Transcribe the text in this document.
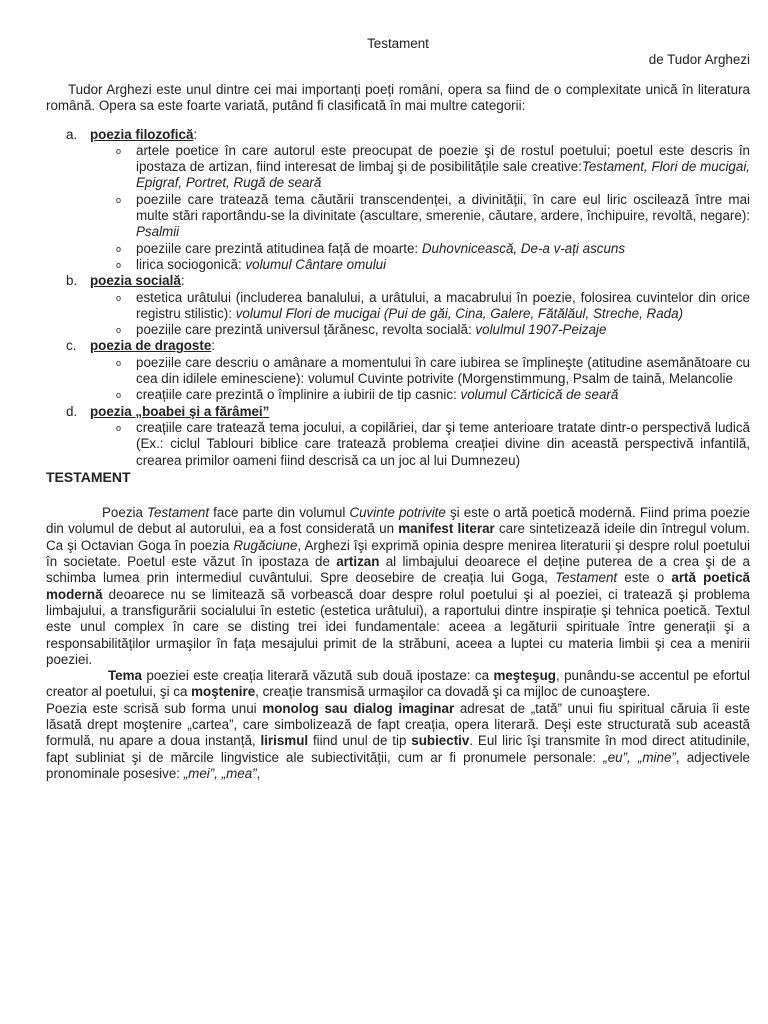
Testament

de Tudor Arghezi

Tudor Arghezi este unul dintre cei mai importanți poeți români, opera sa fiind de o complexitate unică în literatura română. Opera sa este foarte variată, putând fi clasificată în mai multre categorii:

a. poezia filozofică:
o artele poetice în care autorul este preocupat de poezie şi de rostul poetului; poetul este descris în ipostaza de artizan, fiind interesat de limbaj şi de posibilitățile sale creative:Testament, Flori de mucigai, Epigraf, Portret, Rugă de seară
o poeziile care tratează tema căutării transcendenței, a divinității, în care eul liric oscilează între mai multe stări raportându-se la divinitate (ascultare, smerenie, căutare, ardere, închipuire, revoltă, negare): Psalmii
o poeziile care prezintă atitudinea față de moarte: Duhovnicească, De-a v-ați ascuns
o lirica sociogonică: volumul Cântare omului
b. poezia socială:
o estetica urâtului (includerea banalului, a urâtului, a macabrului în poezie, folosirea cuvintelor din orice registru stilistic): volumul Flori de mucigai (Pui de găi, Cina, Galere, Fătălăul, Streche, Rada)
o poeziile care prezintă universul țărănesc, revolta socială: volulmul 1907-Peizaje
c. poezia de dragoste:
o poeziile care descriu o amânare a momentului în care iubirea se împlineşte (atitudine asemănătoare cu cea din idilele eminesciene): volumul Cuvinte potrivite (Morgenstimmung, Psalm de taină, Melancolie
o creațiile care prezintă o împlinire a iubirii de tip casnic: volumul Cărticică de seară
d. poezia „boabei şi a fărâmei”
o creațiile care tratează tema jocului, a copilăriei, dar şi teme anterioare tratate dintr-o perspectivă ludică (Ex.: ciclul Tablouri biblice care tratează problema creației divine din această perspectivă infantilă, crearea primilor oameni fiind descrisă ca un joc al lui Dumnezeu)

TESTAMENT

Poezia Testament face parte din volumul Cuvinte potrivite şi este o artă poetică modernă. Fiind prima poezie din volumul de debut al autorului, ea a fost considerată un manifest literar care sintetizează ideile din întregul volum. Ca şi Octavian Goga în poezia Rugăciune, Arghezi îşi exprimă opinia despre menirea literaturii şi despre rolul poetului în societate. Poetul este văzut în ipostaza de artizan al limbajului deoarece el deține puterea de a crea şi de a schimba lumea prin intermediul cuvântului. Spre deosebire de creația lui Goga, Testament este o artă poetică modernă deoarece nu se limitează să vorbească doar despre rolul poetului şi al poeziei, ci tratează şi problema limbajului, a transfigurării socialului în estetic (estetica urâtului), a raportului dintre inspirație şi tehnica poetică. Textul este unul complex în care se disting trei idei fundamentale: aceea a legăturii spirituale între generații şi a responsabilităților urmaşilor în fața mesajului primit de la străbuni, aceea a luptei cu materia limbii şi cea a menirii poeziei.

Tema poeziei este creația literară văzută sub două ipostaze: ca meşteşug, punându-se accentul pe efortul creator al poetului, şi ca moştenire, creație transmisă urmaşilor ca dovadă şi ca mijloc de cunoaştere.

Poezia este scrisă sub forma unui monolog sau dialog imaginar adresat de „tată” unui fiu spiritual căruia îi este lăsată drept moştenire „cartea”, care simbolizează de fapt creația, opera literară. Deşi este structurată sub această formulă, nu apare a doua instanță, lirismul fiind unul de tip subiectiv. Eul liric îşi transmite în mod direct atitudinile, fapt subliniat şi de mărcile lingvistice ale subiectivității, cum ar fi pronumele personale: „eu”, „mine”, adjectivele pronominale posesive: „mei”, „mea”,
